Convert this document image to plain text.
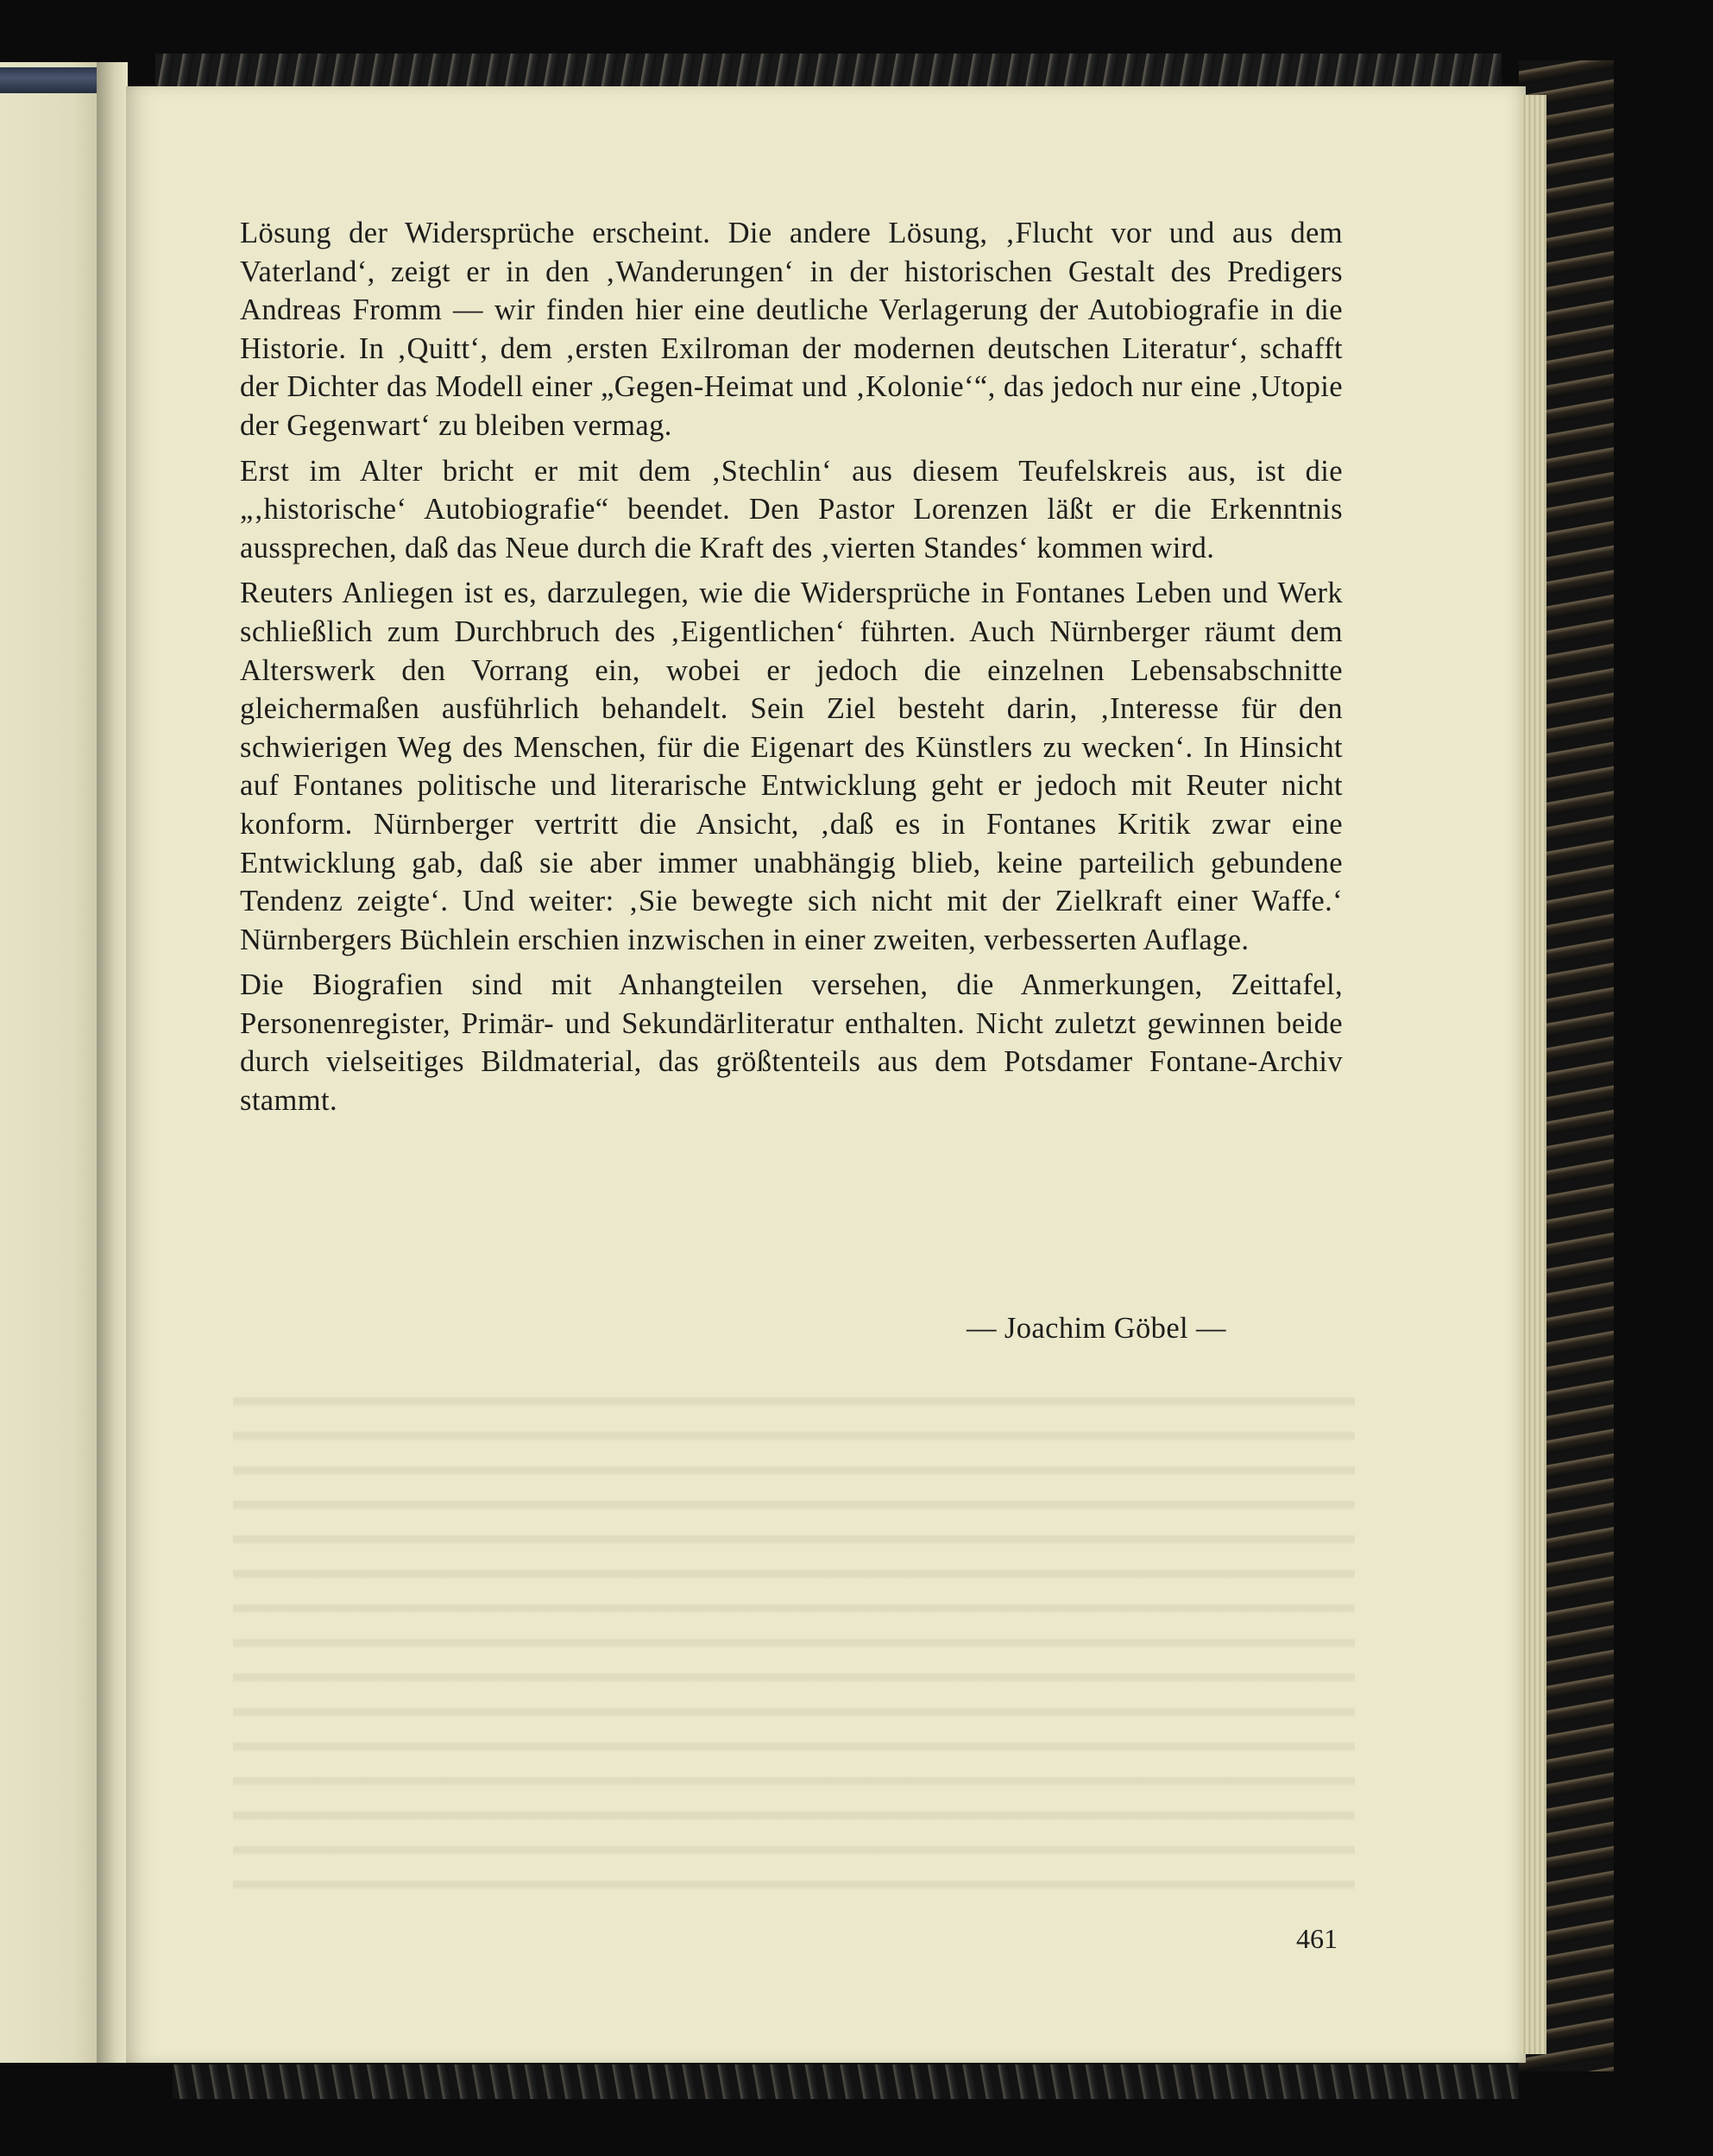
Lösung der Widersprüche erscheint. Die andere Lösung, ‚Flucht vor und aus dem Vaterland‘, zeigt er in den ‚Wanderungen‘ in der historischen Gestalt des Predigers Andreas Fromm — wir finden hier eine deutliche Verlagerung der Autobiografie in die Historie. In ‚Quitt‘, dem ‚ersten Exilroman der modernen deutschen Literatur‘, schafft der Dichter das Modell einer „Gegen-Heimat und ‚Kolonie‘“, das jedoch nur eine ‚Utopie der Gegenwart‘ zu bleiben vermag.

Erst im Alter bricht er mit dem ‚Stechlin‘ aus diesem Teufelskreis aus, ist die „‚historische‘ Autobiografie“ beendet. Den Pastor Lorenzen läßt er die Erkenntnis aussprechen, daß das Neue durch die Kraft des ‚vierten Standes‘ kommen wird.

Reuters Anliegen ist es, darzulegen, wie die Widersprüche in Fontanes Leben und Werk schließlich zum Durchbruch des ‚Eigentlichen‘ führten. Auch Nürnberger räumt dem Alterswerk den Vorrang ein, wobei er jedoch die einzelnen Lebensabschnitte gleichermaßen ausführlich behandelt. Sein Ziel besteht darin, ‚Interesse für den schwierigen Weg des Menschen, für die Eigenart des Künstlers zu wecken‘. In Hinsicht auf Fontanes politische und literarische Entwicklung geht er jedoch mit Reuter nicht konform. Nürnberger vertritt die Ansicht, ‚daß es in Fontanes Kritik zwar eine Entwicklung gab, daß sie aber immer unabhängig blieb, keine parteilich gebundene Tendenz zeigte‘. Und weiter: ‚Sie bewegte sich nicht mit der Zielkraft einer Waffe.‘ Nürnbergers Büchlein erschien inzwischen in einer zweiten, verbesserten Auflage.

Die Biografien sind mit Anhangteilen versehen, die Anmerkungen, Zeittafel, Personenregister, Primär- und Sekundärliteratur enthalten. Nicht zuletzt gewinnen beide durch vielseitiges Bildmaterial, das größtenteils aus dem Potsdamer Fontane-Archiv stammt.

— Joachim Göbel —
461
